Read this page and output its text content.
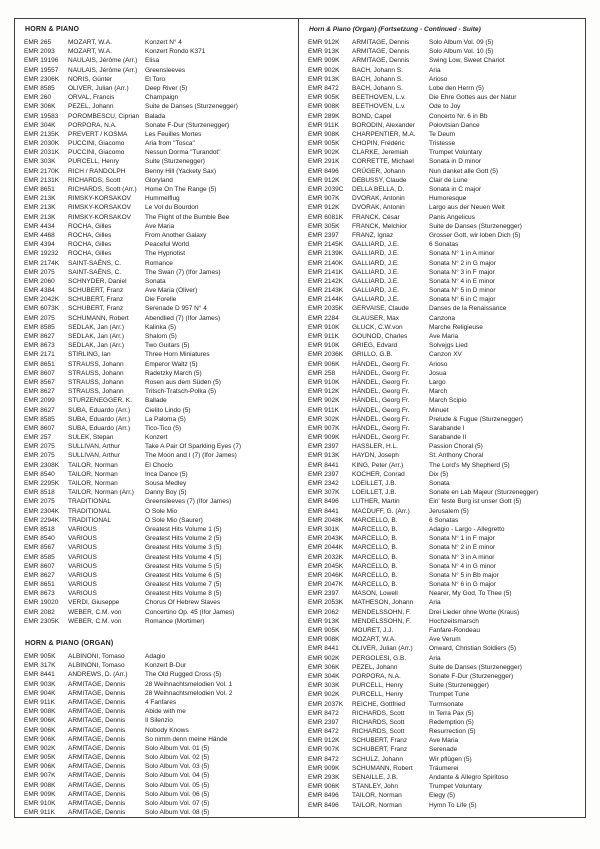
HORN & PIANO
EMR 265	MOZART, W.A.	Konzert N° 4
EMR 2093	MOZART, W.A.	Konzert Rondo K371
EMR 19196	NAULAIS, Jérôme (Arr.)	Elisa
EMR 19557	NAULAIS, Jérôme (Arr.)	Greensleeves
EMR 2306K	NORIS, Günter	El Toro
EMR 8585	OLIVER, Julian (Arr.)	Deep River (5)
EMR 260	ORVAL, Francis	Champaign
EMR 306K	PEZEL, Johann	Suite de Danses (Sturzenegger)
EMR 19583	POROMBESCU, Ciprian Balada
EMR 304K	PORPORA, N.A.	Sonate F-Dur (Sturzenegger)
EMR 2135K	PREVERT / KOSMA	Les Feuilles Mortes
EMR 2030K	PUCCINI, Giacomo	Aria from "Tosca"
EMR 2031K	PUCCINI, Giacomo	Nessun Dorma "Turandot"
EMR 303K	PURCELL, Henry	Suite (Sturzenegger)
EMR 2170K	RICH / RANDOLPH	Benny Hill (Yackety Sax)
EMR 2131K	RICHARDS, Scott	Gloryland
EMR 8651	RICHARDS, Scott (Arr.)	Home On The Range (5)
EMR 213K	RIMSKY-KORSAKOV	Hummelflug
EMR 213K	RIMSKY-KORSAKOV	Le Vol du Bourdon
EMR 213K	RIMSKY-KORSAKOV	The Flight of the Bumble Bee
EMR 4434	ROCHA, Gilles	Ave Maria
EMR 4468	ROCHA, Gilles	From Another Galaxy
EMR 4394	ROCHA, Gilles	Peaceful World
EMR 19232	ROCHA, Gilles	The Hypnotist
EMR 2174K	SAINT-SAËNS, C.	Romance
EMR 2075	SAINT-SAËNS, C.	The Swan (7) (Ifor James)
EMR 2060	SCHNYDER, Daniel	Sonata
EMR 4384	SCHUBERT, Franz	Ave Maria (Oliver)
EMR 2042K	SCHUBERT, Franz	Die Forelle
EMR 6073K	SCHUBERT, Franz	Serenade D 957 N° 4
EMR 2075	SCHUMANN, Robert	Abendlied (7) (Ifor James)
EMR 8585	SEDLAK, Jan (Arr.)	Kalinka (5)
EMR 8627	SEDLAK, Jan (Arr.)	Shalom (5)
EMR 8673	SEDLAK, Jan (Arr.)	Two Guitars (5)
EMR 2171	STIRLING, Ian	Three Horn Miniatures
EMR 8651	STRAUSS, Johann	Emperor Waltz (5)
EMR 8607	STRAUSS, Johann	Radetzky March (5)
EMR 8567	STRAUSS, Johann	Rosen aus dem Süden (5)
EMR 8627	STRAUSS, Johann	Tritsch-Tratsch-Polka (5)
EMR 2099	STURZENEGGER, K.	Ballade
EMR 8627	SUBA, Eduardo (Arr.)	Cielito Lindo (5)
EMR 8585	SUBA, Eduardo (Arr.)	La Paloma (5)
EMR 8607	SUBA, Eduardo (Arr.)	Tico-Tico (5)
EMR 257	SULEK, Stepan	Konzert
EMR 2075	SULLIVAN, Arthur	Take A Pair Of Sparkling Eyes (7)
EMR 2075	SULLIVAN, Arthur	The Moon and I (7) (Ifor James)
EMR 2308K	TAILOR, Norman	El Choclo
EMR 8540	TAILOR, Norman	Inca Dance (5)
EMR 2295K	TAILOR, Norman	Sousa Medley
EMR 8518	TAILOR, Norman (Arr.)	Danny Boy (5)
EMR 2075	TRADITIONAL	Greensleeves (7) (Ifor James)
EMR 2304K	TRADITIONAL	O Sole Mio
EMR 2294K	TRADITIONAL	O Sole Mio (Saurer)
EMR 8518	VARIOUS	Greatest Hits Volume 1 (5)
EMR 8540	VARIOUS	Greatest Hits Volume 2 (5)
EMR 8567	VARIOUS	Greatest Hits Volume 3 (5)
EMR 8585	VARIOUS	Greatest Hits Volume 4 (5)
EMR 8607	VARIOUS	Greatest Hits Volume 5 (5)
EMR 8627	VARIOUS	Greatest Hits Volume 6 (5)
EMR 8651	VARIOUS	Greatest Hits Volume 7 (5)
EMR 8673	VARIOUS	Greatest Hits Volume 8 (5)
EMR 19020	VERDI, Giuseppe	Chorus Of Hebrew Slaves
EMR 2082	WEBER, C.M. von	Concertino Op. 45 (Ifor James)
EMR 2305K	WEBER, C.M. von	Romance (Mortimer)
HORN & PIANO (ORGAN)
EMR 905K	ALBINONI, Tomaso	Adagio
EMR 317K	ALBINONI, Tomaso	Konzert B-Dur
EMR 8441	ANDREWS, D. (Arr.)	The Old Rugged Cross (5)
EMR 903K	ARMITAGE, Dennis	28 Weihnachtsmelodien Vol. 1
EMR 904K	ARMITAGE, Dennis	28 Weihnachtsmelodien Vol. 2
EMR 911K	ARMITAGE, Dennis	4 Fanfares
EMR 908K	ARMITAGE, Dennis	Abide with me
EMR 906K	ARMITAGE, Dennis	Il Silenzio
EMR 906K	ARMITAGE, Dennis	Nobody Knows
EMR 906K	ARMITAGE, Dennis	So nimm denn meine Hände
EMR 902K	ARMITAGE, Dennis	Solo Album Vol. 01 (5)
EMR 905K	ARMITAGE, Dennis	Solo Album Vol. 02 (5)
EMR 906K	ARMITAGE, Dennis	Solo Album Vol. 03 (5)
EMR 907K	ARMITAGE, Dennis	Solo Album Vol. 04 (5)
EMR 908K	ARMITAGE, Dennis	Solo Album Vol. 05 (5)
EMR 909K	ARMITAGE, Dennis	Solo Album Vol. 06 (5)
EMR 910K	ARMITAGE, Dennis	Solo Album Vol. 07 (5)
EMR 911K	ARMITAGE, Dennis	Solo Album Vol. 08 (5)
Horn & Piano (Organ) (Fortsetzung - Continued - Suite)
EMR 912K	ARMITAGE, Dennis	Solo Album Vol. 09 (5)
EMR 913K	ARMITAGE, Dennis	Solo Album Vol. 10 (5)
EMR 909K	ARMITAGE, Dennis	Swing Low, Sweet Chariot
EMR 902K	BACH, Johann S.	Aria
EMR 913K	BACH, Johann S.	Arioso
EMR 8472	BACH, Johann S.	Lobe den Herrn (5)
EMR 905K	BEETHOVEN, L.v.	Die Ehre Gottes aus der Natur
EMR 908K	BEETHOVEN, L.v.	Ode to Joy
EMR 289K	BOND, Capel	Concerto Nr. 6 in Bb
EMR 911K	BORODIN, Alexander	Polovtsian Dance
EMR 908K	CHARPENTIER, M.A.	Te Deum
EMR 905K	CHOPIN, Frédéric	Tristesse
EMR 902K	CLARKE, Jeremiah	Trumpet Voluntary
EMR 291K	CORRETTE, Michael	Sonata in D minor
EMR 8496	CRÜGER, Johann	Nun danket alle Gott (5)
EMR 912K	DEBUSSY, Claude	Clair de Lune
EMR 2039C	DELLA BELLA, D.	Sonata in C major
EMR 907K	DVORAK, Antonin	Humoresque
EMR 912K	DVORAK, Antonin	Largo aus der Neuen Welt
EMR 6081K	FRANCK, César	Panis Angelicus
EMR 305K	FRANCK, Melchior	Suite de Danses (Sturzenegger)
EMR 2397	FRANZ, Ignaz	Grosser Gott, wir loben Dich (5)
EMR 2145K	GALLIARD, J.E.	6 Sonatas
EMR 2139K	GALLIARD, J.E.	Sonata N° 1 in A minor
EMR 2140K	GALLIARD, J.E.	Sonata N° 2 in G major
EMR 2141K	GALLIARD, J.E.	Sonata N° 3 in F major
EMR 2142K	GALLIARD, J.E.	Sonata N° 4 in E minor
EMR 2143K	GALLIARD, J.E.	Sonata N° 5 in D minor
EMR 2144K	GALLIARD, J.E.	Sonata N° 6 in C major
EMR 2035K	GERVAISE, Claude	Danses de la Renaissance
EMR 2284	GLAUSER, Max	Canzona
EMR 910K	GLUCK, C.W.von	Marche Religieuse
EMR 911K	GOUNOD, Charles	Ave Maria
EMR 910K	GRIEG, Edvard	Solvejgs Lied
EMR 2036K	GRILLO, G.B.	Canzon XV
EMR 906K	HÄNDEL, Georg Fr.	Arioso
EMR 258	HÄNDEL, Georg Fr.	Josua
EMR 910K	HÄNDEL, Georg Fr.	Largo
EMR 912K	HÄNDEL, Georg Fr.	March
EMR 902K	HÄNDEL, Georg Fr.	March Scipio
EMR 911K	HÄNDEL, Georg Fr.	Minuet
EMR 302K	HÄNDEL, Georg Fr.	Prelude & Fugue (Sturzenegger)
EMR 907K	HÄNDEL, Georg Fr.	Sarabande I
EMR 909K	HÄNDEL, Georg Fr.	Sarabande II
EMR 2397	HASSLER, H.L.	Passion Choral (5)
EMR 913K	HAYDN, Joseph	St. Anthony Choral
EMR 8441	KING, Peter (Arr.)	The Lord's My Shepherd (5)
EMR 2397	KOCHER, Conrad	Dix (5)
EMR 2342	LOEILLET, J.B.	Sonata
EMR 307K	LOEILLET, J.B.	Sonate en Lab Majeur (Sturzenegger)
EMR 8496	LUTHER, Martin	Ein' feste Burg ist unser Gott (5)
EMR 8441	MACDUFF, G. (Arr.)	Jerusalem (5)
EMR 2048K	MARCELLO, B.	6 Sonatas
EMR 301K	MARCELLO, B.	Adagio - Largo - Allegretto
EMR 2043K	MARCELLO, B.	Sonata N° 1 in F major
EMR 2044K	MARCELLO, B.	Sonata N° 2 in E minor
EMR 2032K	MARCELLO, B.	Sonata N° 3 in A minor
EMR 2045K	MARCELLO, B.	Sonata N° 4 in G minor
EMR 2046K	MARCELLO, B.	Sonata N° 5 in Bb major
EMR 2047K	MARCELLO, B.	Sonata N° 6 in G major
EMR 2397	MASON, Lowell	Nearer, My God, To Thee (5)
EMR 2053K	MATHESON, Johann	Aria
EMR 2062	MENDELSSOHN, F.	Drei Lieder ohne Worte (Kraus)
EMR 913K	MENDELSSOHN, F.	Hochzeitsmarsch
EMR 905K	MOURET, J.J.	Fanfare-Rondeau
EMR 908K	MOZART, W.A.	Ave Verum
EMR 8441	OLIVER, Julian (Arr.)	Onward, Christian Soldiers (5)
EMR 902K	PERGOLESI, G.B.	Aria
EMR 306K	PEZEL, Johann	Suite de Danses (Sturzenegger)
EMR 304K	PORPORA, N.A.	Sonate F-Dur (Sturzenegger)
EMR 303K	PURCELL, Henry	Suite (Sturzenegger)
EMR 902K	PURCELL, Henry	Trumpet Tune
EMR 2037K	REICHE, Gottfried	Turmsonate
EMR 8472	RICHARDS, Scott	In Terra Pax (5)
EMR 2397	RICHARDS, Scott	Redemption (5)
EMR 8472	RICHARDS, Scott	Resurrection (5)
EMR 912K	SCHUBERT, Franz	Ave Maria
EMR 907K	SCHUBERT, Franz	Serenade
EMR 8472	SCHULZ, Johann	Wir pflügen (5)
EMR 909K	SCHUMANN, Robert	Träumerei
EMR 293K	SENAILLE, J.B.	Andante & Allegro Spiritoso
EMR 906K	STANLEY, John	Trumpet Voluntary
EMR 8496	TAILOR, Norman	Elegy (5)
EMR 8496	TAILOR, Norman	Hymn To Life (5)
